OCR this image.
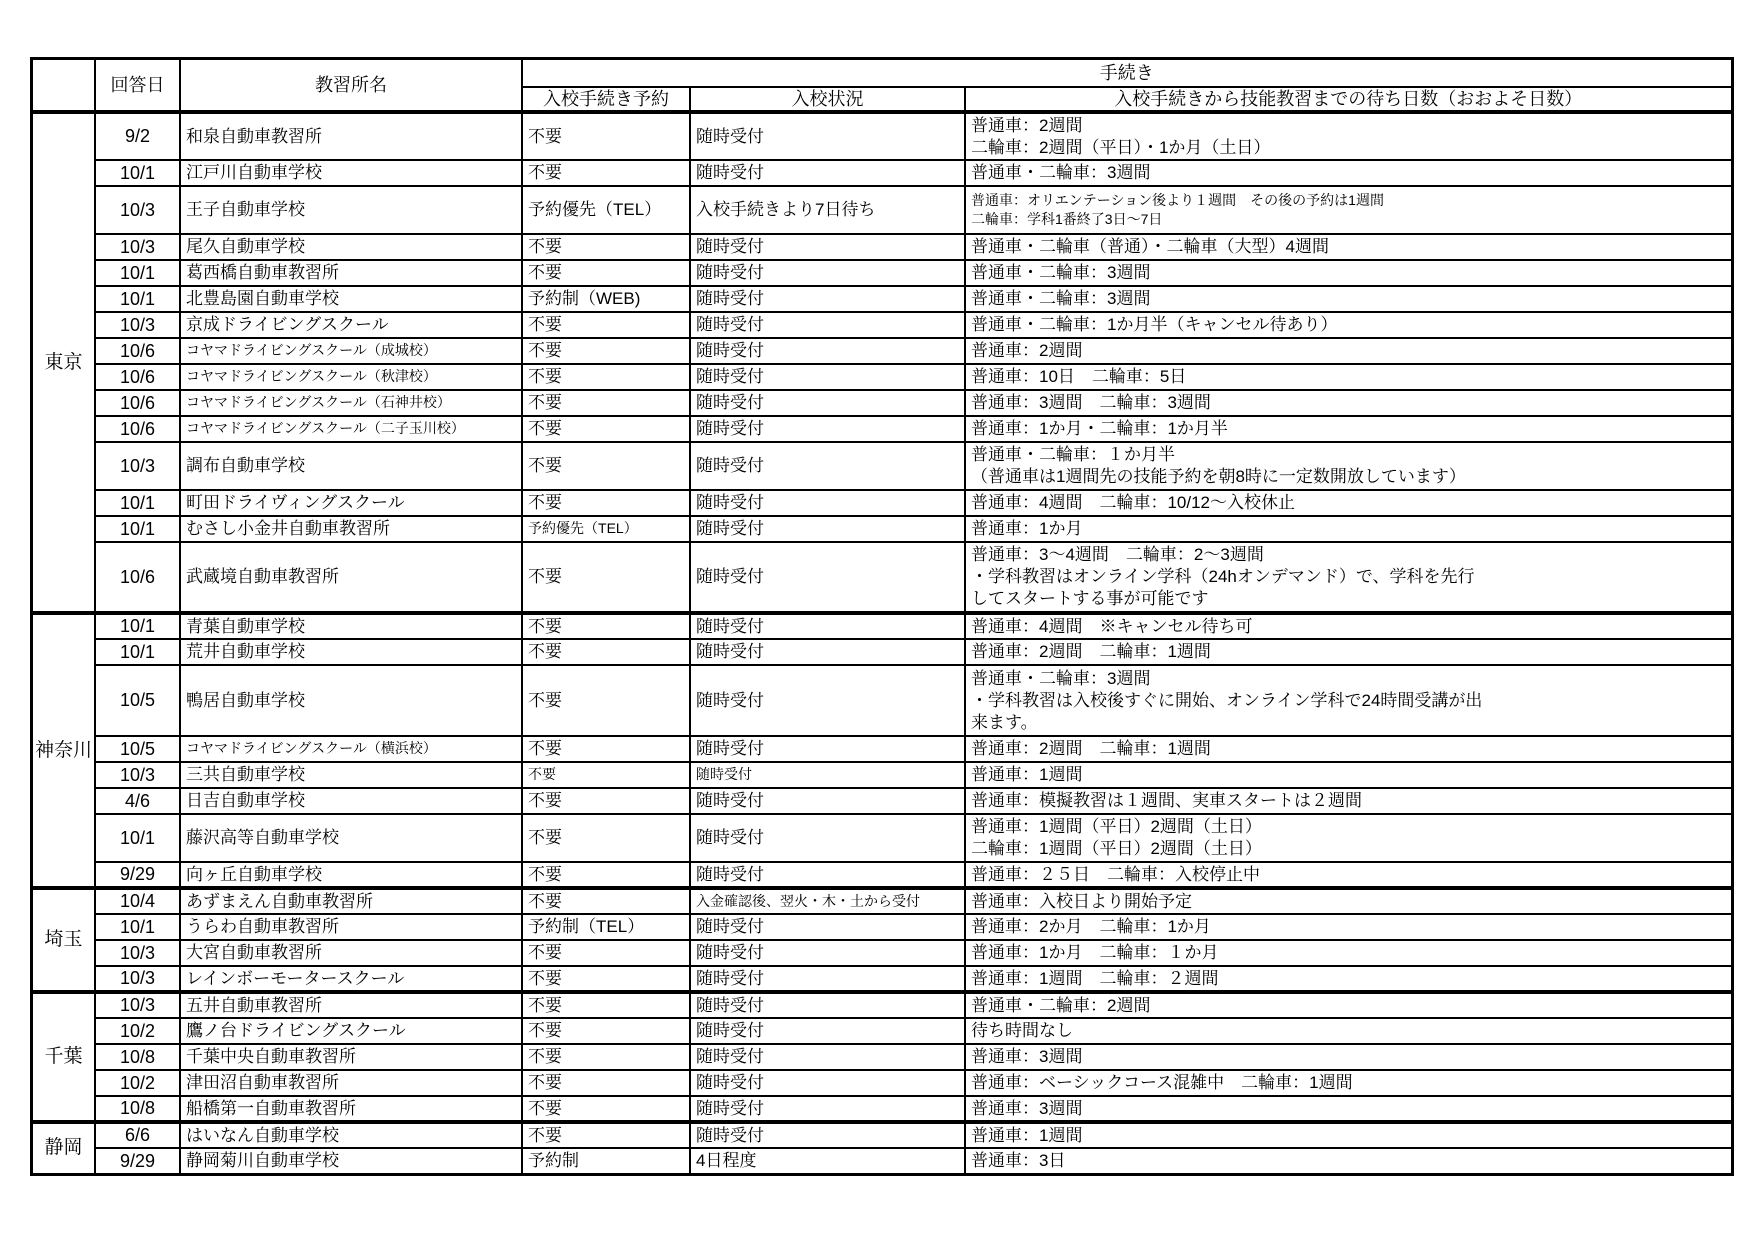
	回答日	教習所名	手続き		
			入校手続き予約	入校状況	入校手続きから技能教習までの待ち日数（おおよそ日数）
東京	9/2	和泉自動車教習所	不要	随時受付	普通車：2週間
二輪車：2週間（平日）・1か月（土日）

	10/1	江戸川自動車学校	不要	随時受付	普通車・二輪車：3週間

	10/3	王子自動車学校	予約優先（TEL）	入校手続きより7日待ち	普通車：オリエンテーション後より１週間　その後の予約は1週間
二輪車：学科1番終了3日～7日

	10/3	尾久自動車学校	不要	随時受付	普通車・二輪車（普通）・二輪車（大型）4週間

	10/1	葛西橋自動車教習所	不要	随時受付	普通車・二輪車：3週間

	10/1	北豊島園自動車学校	予約制（WEB)	随時受付	普通車・二輪車：3週間

	10/3	京成ドライビングスクール	不要	随時受付	普通車・二輪車：1か月半（キャンセル待あり）

	10/6	コヤマドライビングスクール（成城校）	不要	随時受付	普通車：2週間

	10/6	コヤマドライビングスクール（秋津校）	不要	随時受付	普通車：10日　二輪車：5日

	10/6	コヤマドライビングスクール（石神井校）	不要	随時受付	普通車：3週間　二輪車：3週間

	10/6	コヤマドライビングスクール（二子玉川校）	不要	随時受付	普通車：1か月・二輪車：1か月半

	10/3	調布自動車学校	不要	随時受付	普通車・二輪車：１か月半
（普通車は1週間先の技能予約を朝8時に一定数開放しています）

	10/1	町田ドライヴィングスクール	不要	随時受付	普通車：4週間　二輪車：10/12～入校休止

	10/1	むさし小金井自動車教習所	予約優先（TEL）	随時受付	普通車：1か月

	10/6	武蔵境自動車教習所	不要	随時受付	普通車：3～4週間　二輪車：2～3週間
・学科教習はオンライン学科（24hオンデマンド）で、学科を先行
してスタートする事が可能です

神奈川	10/1	青葉自動車学校	不要	随時受付	普通車：4週間　※キャンセル待ち可

	10/1	荒井自動車学校	不要	随時受付	普通車：2週間　二輪車：1週間

	10/5	鴨居自動車学校	不要	随時受付	普通車・二輪車：3週間
・学科教習は入校後すぐに開始、オンライン学科で24時間受講が出
来ます。

	10/5	コヤマドライビングスクール（横浜校）	不要	随時受付	普通車：2週間　二輪車：1週間

	10/3	三共自動車学校	不要	随時受付	普通車：1週間

	4/6	日吉自動車学校	不要	随時受付	普通車：模擬教習は１週間、実車スタートは２週間

	10/1	藤沢高等自動車学校	不要	随時受付	普通車：1週間（平日）2週間（土日）
二輪車：1週間（平日）2週間（土日）

	9/29	向ヶ丘自動車学校	不要	随時受付	普通車：２５日　二輪車：入校停止中

埼玉	10/4	あずまえん自動車教習所	不要	入金確認後、翌火・木・土から受付	普通車：入校日より開始予定

	10/1	うらわ自動車教習所	予約制（TEL）	随時受付	普通車：2か月　二輪車：1か月

	10/3	大宮自動車教習所	不要	随時受付	普通車：1か月　二輪車：１か月

	10/3	レインボーモータースクール	不要	随時受付	普通車：1週間　二輪車：２週間

千葉	10/3	五井自動車教習所	不要	随時受付	普通車・二輪車：2週間

	10/2	鷹ノ台ドライビングスクール	不要	随時受付	待ち時間なし

	10/8	千葉中央自動車教習所	不要	随時受付	普通車：3週間

	10/2	津田沼自動車教習所	不要	随時受付	普通車：ベーシックコース混雑中　二輪車：1週間

	10/8	船橋第一自動車教習所	不要	随時受付	普通車：3週間

静岡	6/6	はいなん自動車学校	不要	随時受付	普通車：1週間

	9/29	静岡菊川自動車学校	予約制	4日程度	普通車：3日
